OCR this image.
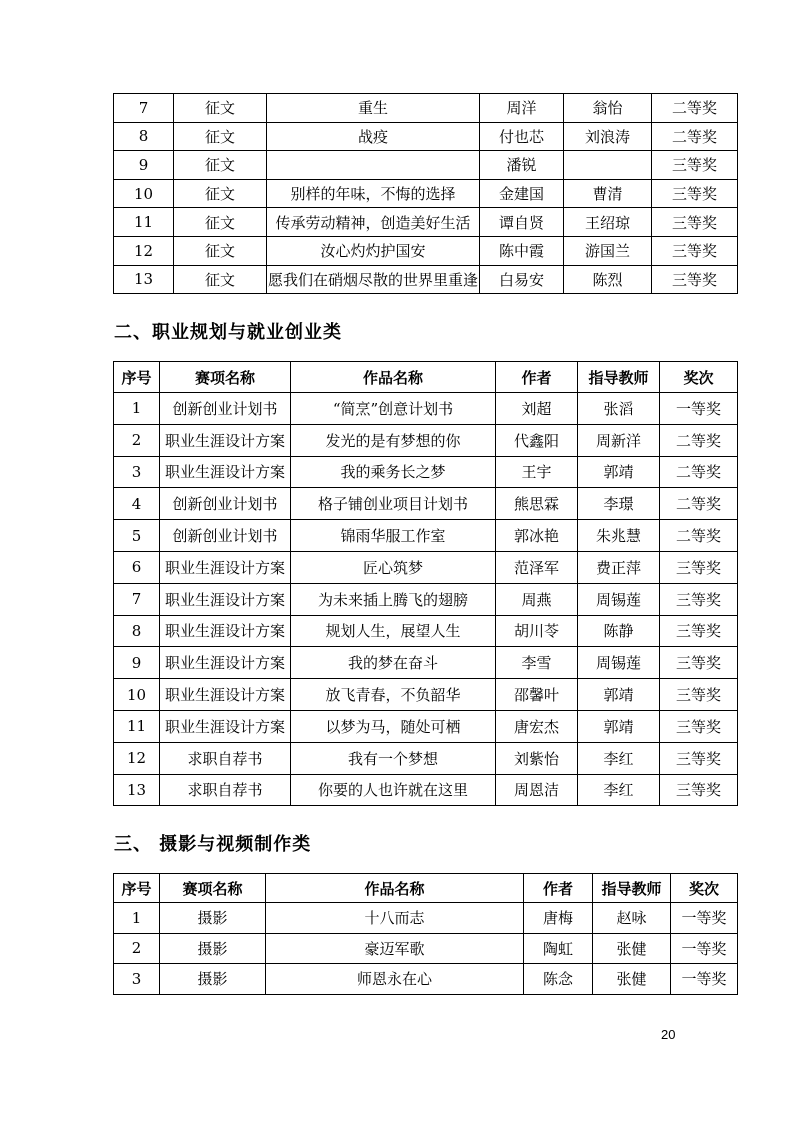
7	征文	重生	周洋	翁怡	二等奖
8	征文	战疫	付也芯	刘浪涛	二等奖
9	征文		潘锐		三等奖
10	征文	别样的年味，不悔的选择	金建国	曹清	三等奖
11	征文	传承劳动精神，创造美好生活	谭自贤	王绍琼	三等奖
12	征文	汝心灼灼护国安	陈中霞	游国兰	三等奖
13	征文	愿我们在硝烟尽散的世界里重逢	白易安	陈烈	三等奖
二、职业规划与就业创业类
序号	赛项名称	作品名称	作者	指导教师	奖次
1	创新创业计划书	“简烹”创意计划书	刘超	张滔	一等奖
2	职业生涯设计方案	发光的是有梦想的你	代鑫阳	周新洋	二等奖
3	职业生涯设计方案	我的乘务长之梦	王宇	郭靖	二等奖
4	创新创业计划书	格子铺创业项目计划书	熊思霖	李璟	二等奖
5	创新创业计划书	锦雨华服工作室	郭冰艳	朱兆慧	二等奖
6	职业生涯设计方案	匠心筑梦	范泽军	费正萍	三等奖
7	职业生涯设计方案	为未来插上腾飞的翅膀	周燕	周锡莲	三等奖
8	职业生涯设计方案	规划人生，展望人生	胡川苓	陈静	三等奖
9	职业生涯设计方案	我的梦在奋斗	李雪	周锡莲	三等奖
10	职业生涯设计方案	放飞青春，不负韶华	邵馨叶	郭靖	三等奖
11	职业生涯设计方案	以梦为马，随处可栖	唐宏杰	郭靖	三等奖
12	求职自荐书	我有一个梦想	刘紫怡	李红	三等奖
13	求职自荐书	你要的人也许就在这里	周恩洁	李红	三等奖
三、 摄影与视频制作类
序号	赛项名称	作品名称	作者	指导教师	奖次
1	摄影	十八而志	唐梅	赵咏	一等奖
2	摄影	豪迈军歌	陶虹	张健	一等奖
3	摄影	师恩永在心	陈念	张健	一等奖
20
